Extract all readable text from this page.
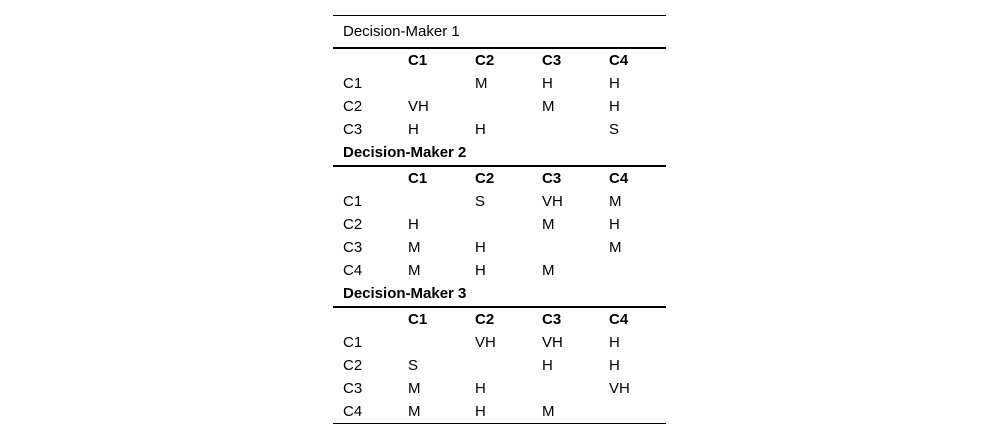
Decision-Maker 1				
	C1	C2	C3	C4
C1		M	H	H
C2	VH		M	H
C3	H	H		S
Decision-Maker 2				
	C1	C2	C3	C4
C1		S	VH	M
C2	H		M	H
C3	M	H		M
C4	M	H	M	
Decision-Maker 3				
	C1	C2	C3	C4
C1		VH	VH	H
C2	S		H	H
C3	M	H		VH
C4	M	H	M	
